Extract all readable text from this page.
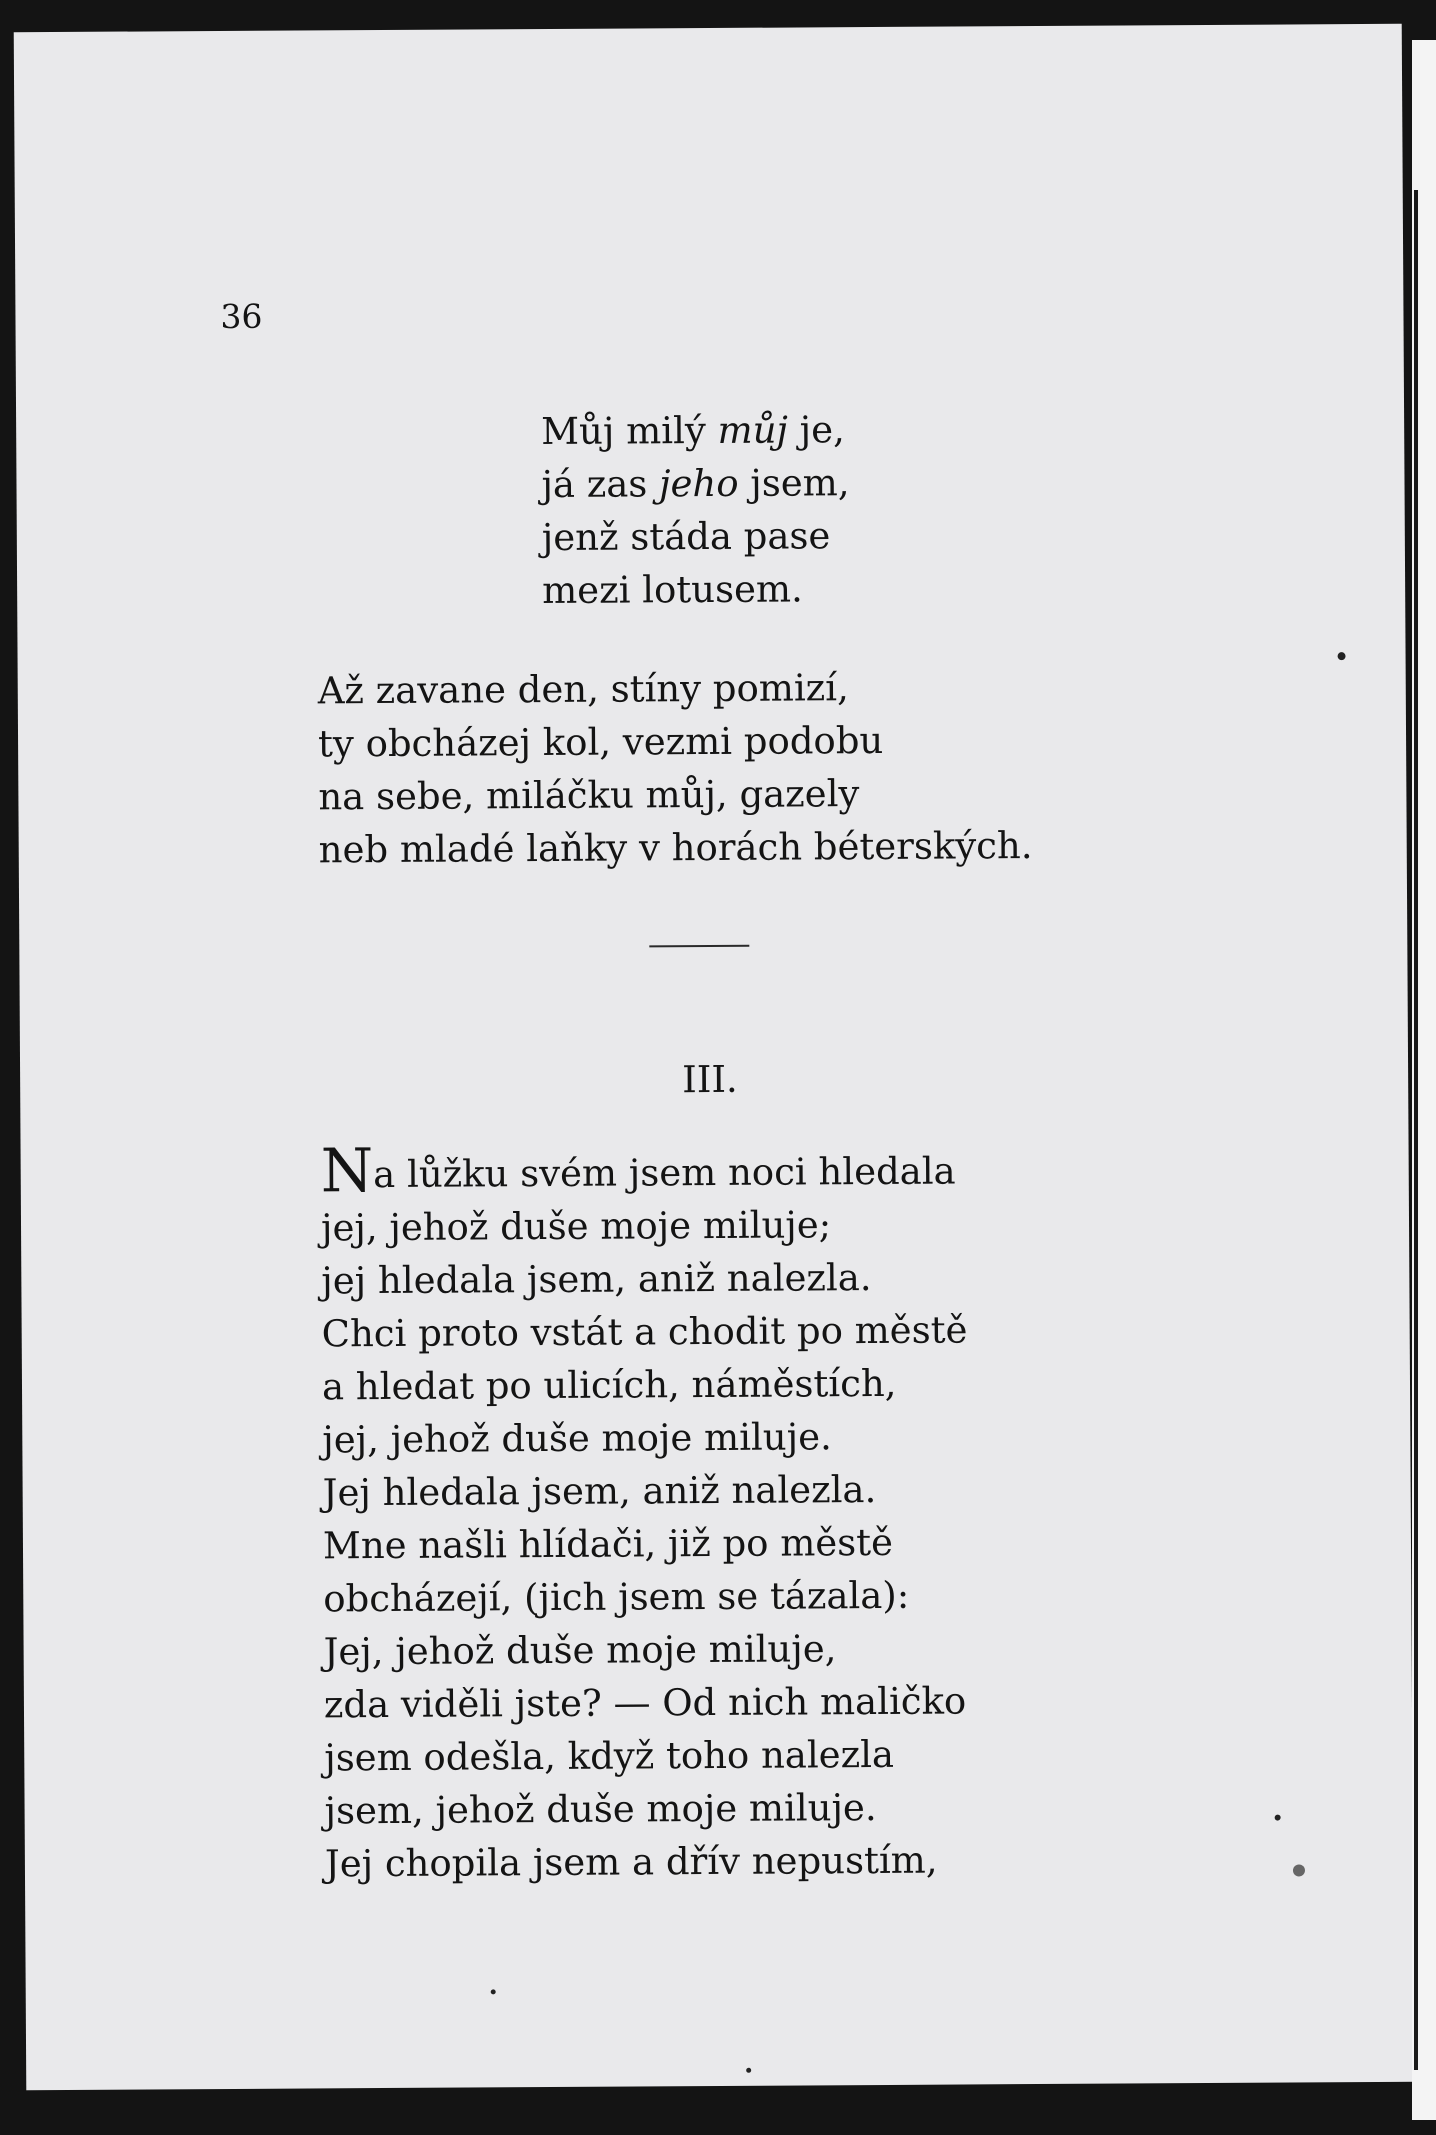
36
Můj milý můj je,
já zas jeho jsem,
jenž stáda pase
mezi lotusem.
Až zavane den, stíny pomizí,
ty obcházej kol, vezmi podobu
na sebe, miláčku můj, gazely
neb mladé laňky v horách béterských.
III.
Na lůžku svém jsem noci hledala
jej, jehož duše moje miluje;
jej hledala jsem, aniž nalezla.
Chci proto vstát a chodit po městě
a hledat po ulicích, náměstích,
jej, jehož duše moje miluje.
Jej hledala jsem, aniž nalezla.
Mne našli hlídači, již po městě
obcházejí, (jich jsem se tázala):
Jej, jehož duše moje miluje,
zda viděli jste? — Od nich maličko
jsem odešla, když toho nalezla
jsem, jehož duše moje miluje.
Jej chopila jsem a dřív nepustím,
